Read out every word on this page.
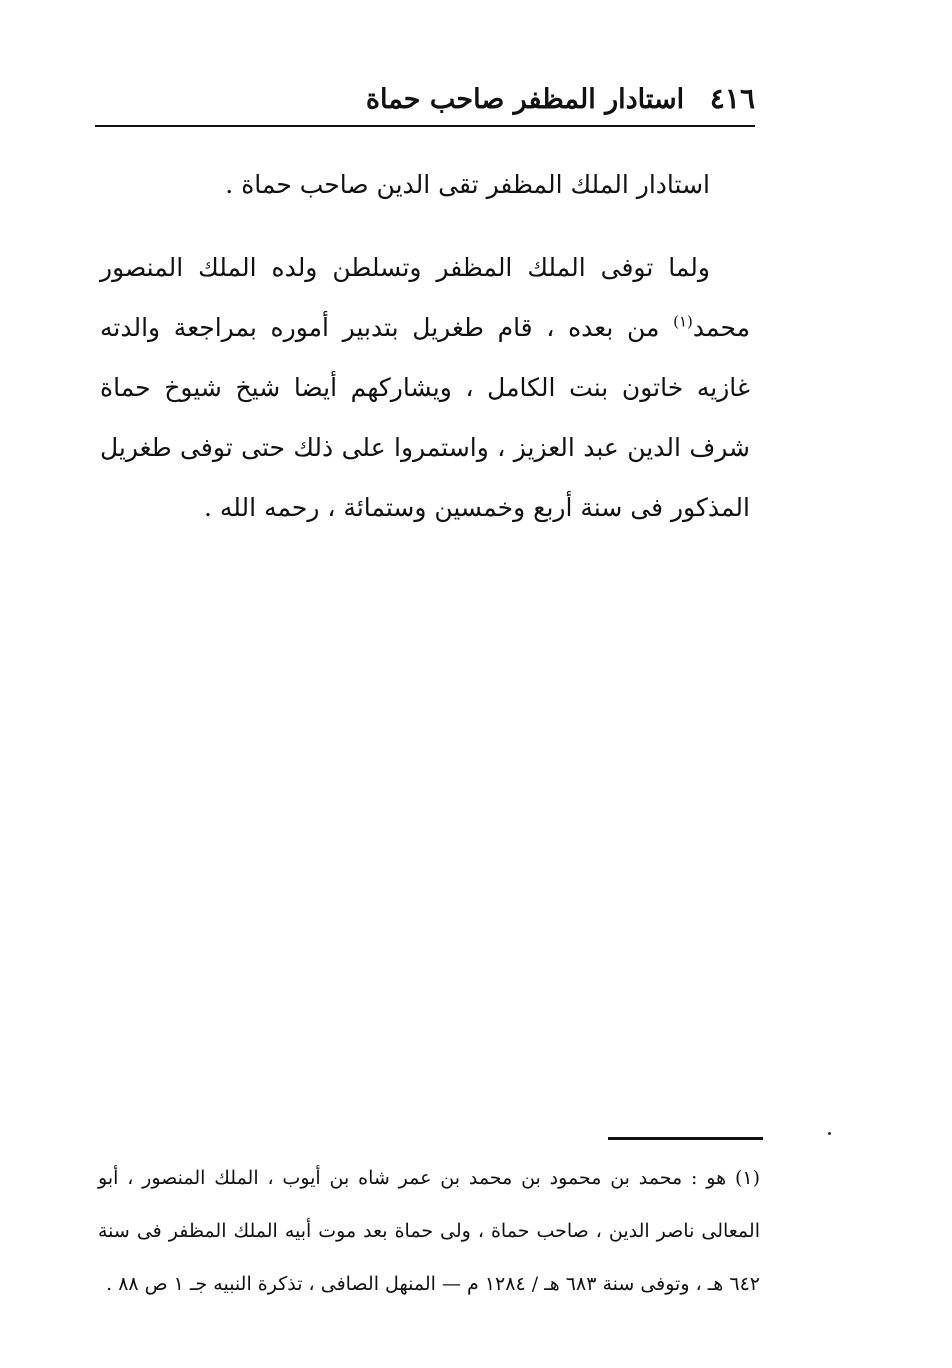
استادار المظفر صاحب حماة ٤١٦

استادار الملك المظفر تقى الدين صاحب حماة .

ولما توفى الملك المظفر وتسلطن ولده الملك المنصور محمد$^{(١)}$ من بعده ، قام طغريل بتدبير أموره بمراجعة والدته غازيه خاتون بنت الكامل ، ويشاركهم أيضا شيخ شيوخ حماة شرف الدين عبد العزيز ، واستمروا على ذلك حتى توفى طغريل المذكور فى سنة أربع وخمسين وستمائة ، رحمه الله .

(١) هو : محمد بن محمود بن محمد بن عمر شاه بن أيوب ، الملك المنصور ، أبو المعالى ناصر الدين ، صاحب حماة ، ولى حماة بعد موت أبيه الملك المظفر فى سنة ٦٤٢ هـ ، وتوفى سنة ٦٨٣ هـ / ١٢٨٤ م — المنهل الصافى ، تذكرة النبيه جـ ١ ص ٨٨ .
